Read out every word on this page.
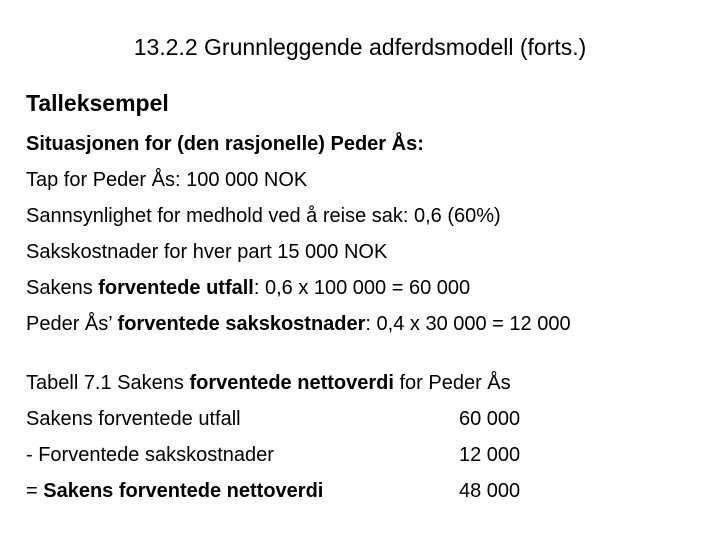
13.2.2 Grunnleggende adferdsmodell (forts.)
Talleksempel
Situasjonen for (den rasjonelle) Peder Ås:
Tap for Peder Ås: 100 000 NOK
Sannsynlighet for medhold ved å reise sak: 0,6 (60%)
Sakskostnader for hver part 15 000 NOK
Sakens forventede utfall: 0,6 x 100 000 = 60 000
Peder Ås’ forventede sakskostnader: 0,4 x 30 000 = 12 000
Tabell 7.1 Sakens forventede nettoverdi for Peder Ås
Sakens forventede utfall	60 000
- Forventede sakskostnader	12 000
= Sakens forventede nettoverdi	48 000
